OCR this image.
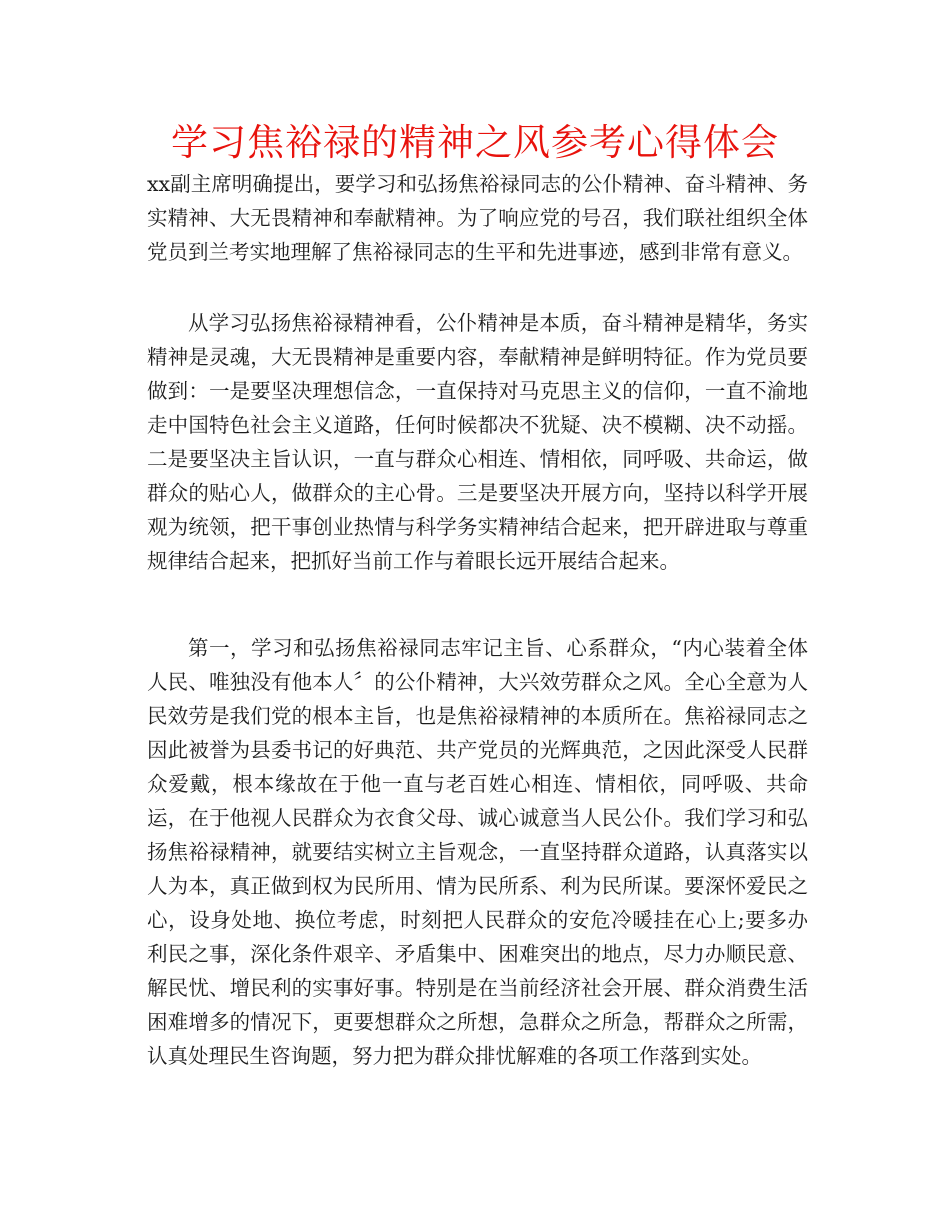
学习焦裕禄的精神之风参考心得体会

xx副主席明确提出，要学习和弘扬焦裕禄同志的公仆精神、奋斗精神、务实精神、大无畏精神和奉献精神。为了响应党的号召，我们联社组织全体党员到兰考实地理解了焦裕禄同志的生平和先进事迹，感到非常有意义。

从学习弘扬焦裕禄精神看，公仆精神是本质，奋斗精神是精华，务实精神是灵魂，大无畏精神是重要内容，奉献精神是鲜明特征。作为党员要做到：一是要坚决理想信念，一直保持对马克思主义的信仰，一直不渝地走中国特色社会主义道路，任何时候都决不犹疑、决不模糊、决不动摇。二是要坚决主旨认识，一直与群众心相连、情相依，同呼吸、共命运，做群众的贴心人，做群众的主心骨。三是要坚决开展方向，坚持以科学开展观为统领，把干事创业热情与科学务实精神结合起来，把开辟进取与尊重规律结合起来，把抓好当前工作与着眼长远开展结合起来。

第一，学习和弘扬焦裕禄同志牢记主旨、心系群众，“内心装着全体人民、唯独没有他本人〞的公仆精神，大兴效劳群众之风。全心全意为人民效劳是我们党的根本主旨，也是焦裕禄精神的本质所在。焦裕禄同志之因此被誉为县委书记的好典范、共产党员的光辉典范，之因此深受人民群众爱戴，根本缘故在于他一直与老百姓心相连、情相依，同呼吸、共命运，在于他视人民群众为衣食父母、诚心诚意当人民公仆。我们学习和弘扬焦裕禄精神，就要结实树立主旨观念，一直坚持群众道路，认真落实以人为本，真正做到权为民所用、情为民所系、利为民所谋。要深怀爱民之心，设身处地、换位考虑，时刻把人民群众的安危冷暖挂在心上;要多办利民之事，深化条件艰辛、矛盾集中、困难突出的地点，尽力办顺民意、解民忧、增民利的实事好事。特别是在当前经济社会开展、群众消费生活困难增多的情况下，更要想群众之所想，急群众之所急，帮群众之所需，认真处理民生咨询题，努力把为群众排忧解难的各项工作落到实处。
